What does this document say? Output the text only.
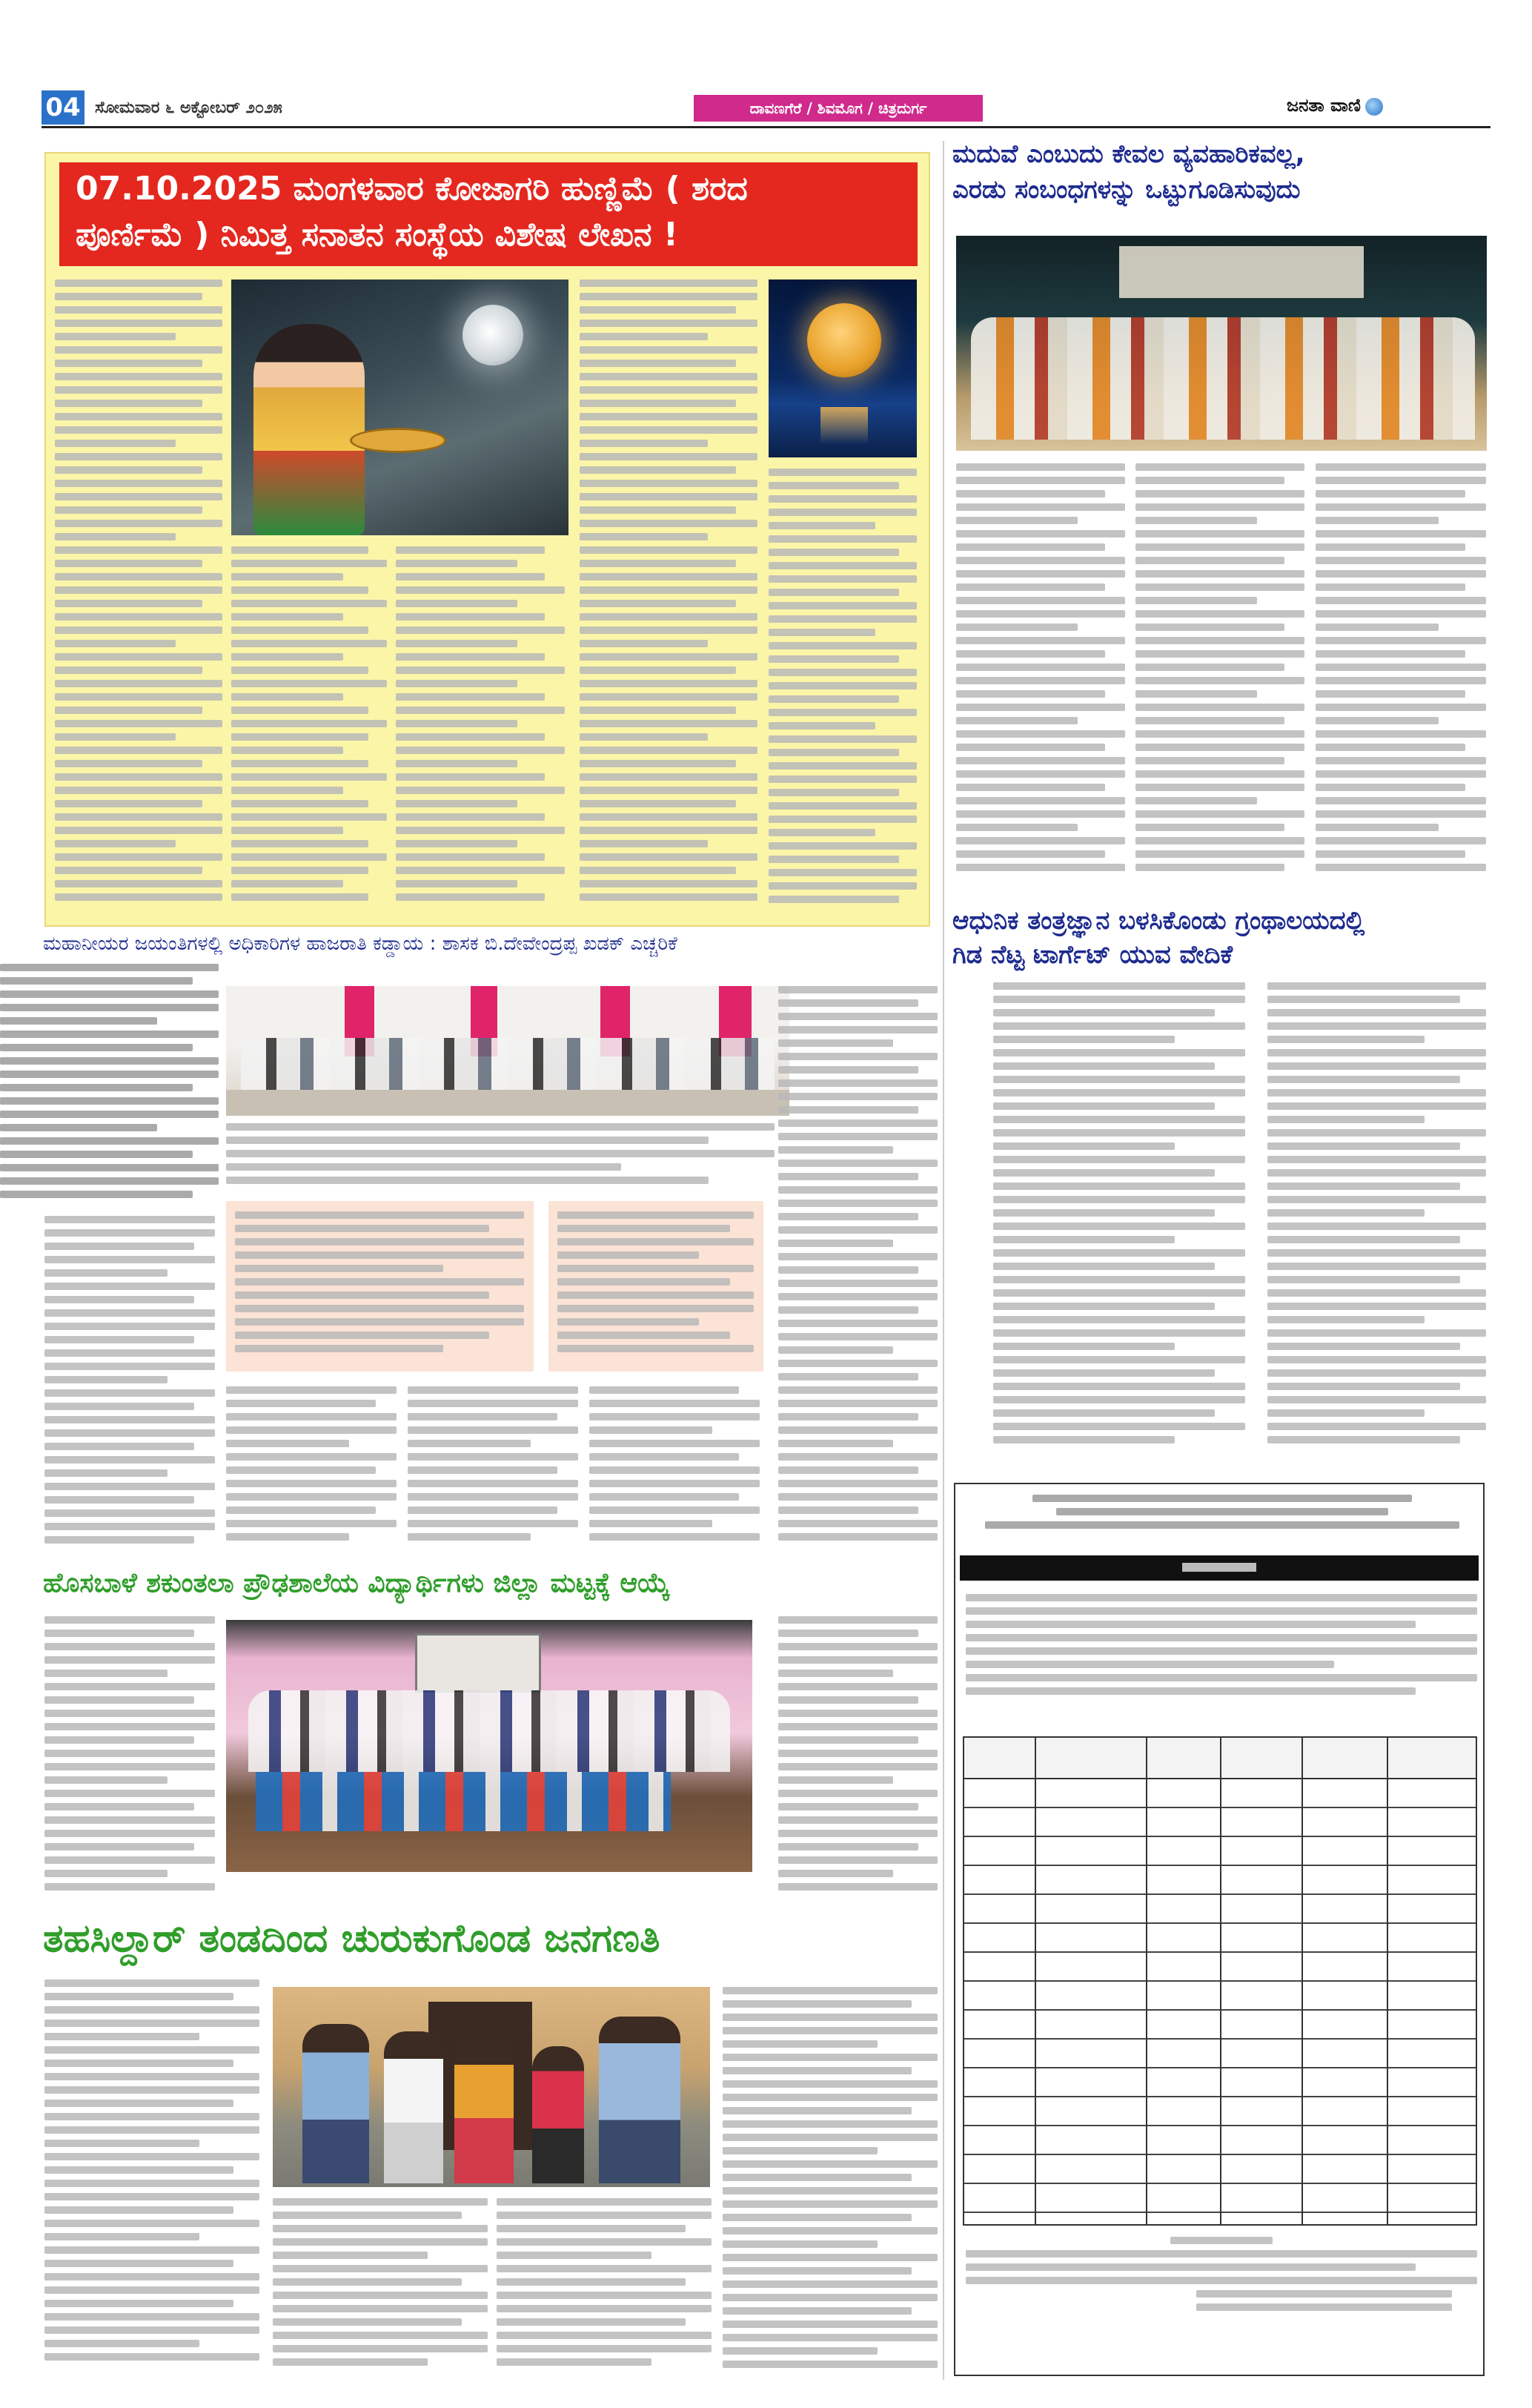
04 ಸೋಮವಾರ ೬ ಅಕ್ಟೋಬರ್ ೨೦೨೫	ದಾವಣಗೆರೆ / ಶಿವಮೊಗ / ಚಿತ್ರದುರ್ಗ	ಜನತಾ ವಾಣಿ
07.10.2025 ಮಂಗಳವಾರ ಕೋಜಾಗರಿ ಹುಣ್ಣಿಮೆ ( ಶರದ
ಪೂರ್ಣಿಮೆ ) ನಿಮಿತ್ತ ಸನಾತನ ಸಂಸ್ಥೆಯ ವಿಶೇಷ ಲೇಖನ !
ಮದುವೆ ಎಂಬುದು ಕೇವಲ ವ್ಯವಹಾರಿಕವಲ್ಲ,
ಎರಡು ಸಂಬಂಧಗಳನ್ನು ಒಟ್ಟುಗೂಡಿಸುವುದು
ಆಧುನಿಕ ತಂತ್ರಜ್ಞಾನ ಬಳಸಿಕೊಂಡು ಗ್ರಂಥಾಲಯದಲ್ಲಿ
ಗಿಡ ನೆಟ್ಟ ಟಾರ್ಗೆಟ್ ಯುವ ವೇದಿಕೆ
ಮಹಾನೀಯರ ಜಯಂತಿಗಳಲ್ಲಿ ಅಧಿಕಾರಿಗಳ ಹಾಜರಾತಿ ಕಡ್ಡಾಯ : ಶಾಸಕ ಬಿ.ದೇವೇಂದ್ರಪ್ಪ ಖಡಕ್ ಎಚ್ಚರಿಕೆ
ಹೊಸಬಾಳೆ ಶಕುಂತಲಾ ಪ್ರೌಢಶಾಲೆಯ ವಿದ್ಯಾರ್ಥಿಗಳು ಜಿಲ್ಲಾ ಮಟ್ಟಕ್ಕೆ ಆಯ್ಕೆ
ತಹಸಿಲ್ದಾರ್ ತಂಡದಿಂದ ಚುರುಕುಗೊಂಡ ಜನಗಣತಿ
